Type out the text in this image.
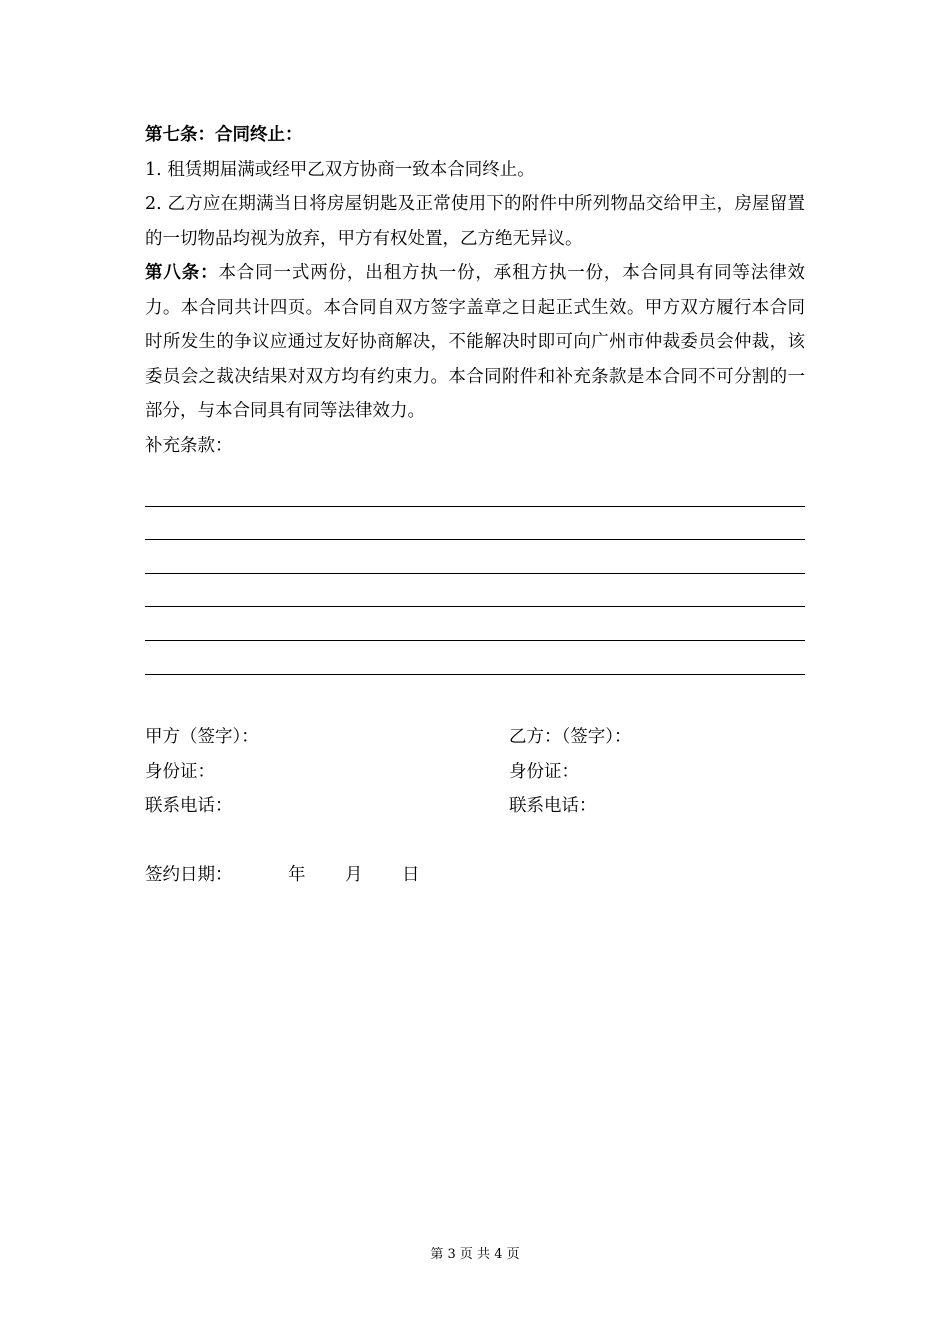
第七条：合同终止：

1. 租赁期届满或经甲乙双方协商一致本合同终止。

2. 乙方应在期满当日将房屋钥匙及正常使用下的附件中所列物品交给甲主，房屋留置的一切物品均视为放弃，甲方有权处置，乙方绝无异议。

第八条：本合同一式两份，出租方执一份，承租方执一份，本合同具有同等法律效力。本合同共计四页。本合同自双方签字盖章之日起正式生效。甲方双方履行本合同时所发生的争议应通过友好协商解决，不能解决时即可向广州市仲裁委员会仲裁，该委员会之裁决结果对双方均有约束力。本合同附件和补充条款是本合同不可分割的一部分，与本合同具有同等法律效力。

补充条款：

甲方（签字）：	乙方：（签字）：
身份证：	身份证：
联系电话：	联系电话：
签约日期：	年 月 日
第 3 页 共 4 页
